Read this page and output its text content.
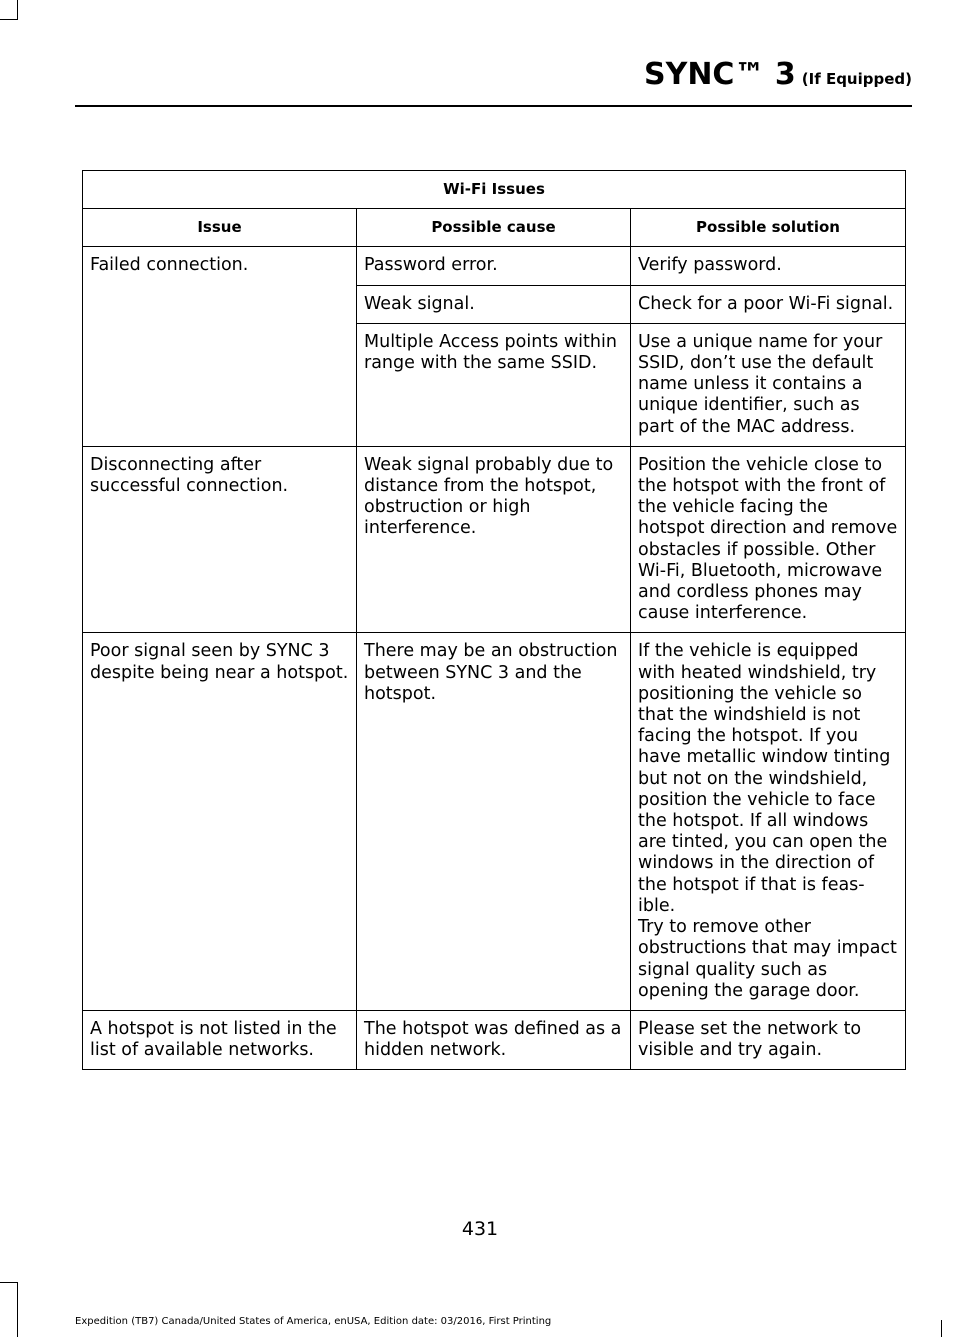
SYNC™ 3 (If Equipped)
Wi-Fi Issues		
Issue	Possible cause	Possible solution
Failed connection.	Password error.	Verify password.

	Weak signal.	Check for a poor Wi-Fi signal.

	Multiple Access points within range with the same SSID.	Use a unique name for your SSID, don’t use the default name unless it contains a unique identifier, such as part of the MAC address.

Disconnecting after successful connection.	Weak signal probably due to distance from the hotspot, obstruction or high interference.	Position the vehicle close to the hotspot with the front of the vehicle facing the hotspot direction and remove obstacles if possible. Other Wi-Fi, Bluetooth, microwave and cordless phones may cause interference.

Poor signal seen by SYNC 3 despite being near a hotspot.	There may be an obstruction between SYNC 3 and the hotspot.	If the vehicle is equipped with heated windshield, try positioning the vehicle so that the windshield is not facing the hotspot. If you have metallic window tinting but not on the windshield, position the vehicle to face the hotspot. If all windows are tinted, you can open the windows in the direction of the hotspot if that is feas-ible.
Try to remove other obstructions that may impact signal quality such as opening the garage door.

A hotspot is not listed in the list of available networks.	The hotspot was defined as a hidden network.	Please set the network to visible and try again.
431
Expedition (TB7) Canada/United States of America, enUSA, Edition date: 03/2016, First Printing
